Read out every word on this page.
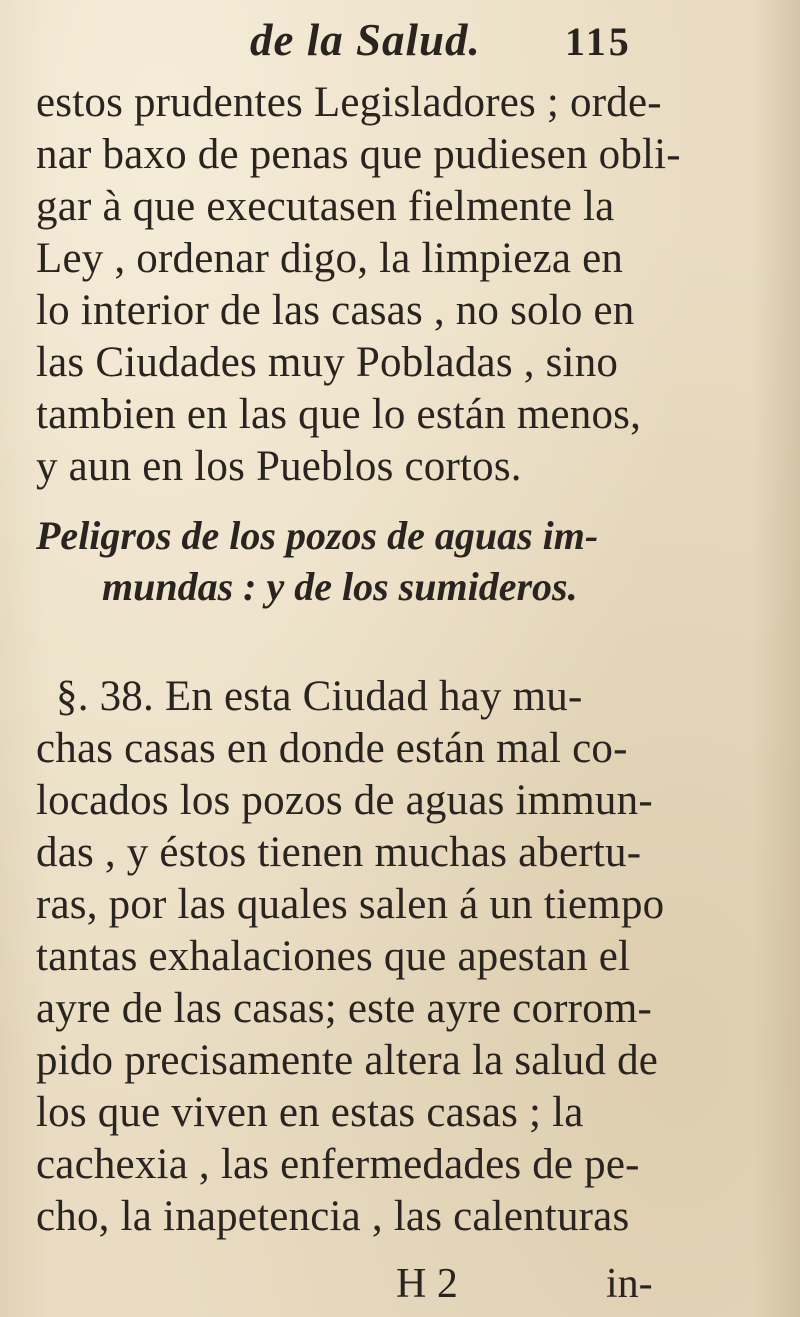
de la Salud. 115
estos prudentes Legisladores ; orde-
nar baxo de penas que pudiesen obli-
gar à que executasen fielmente la
Ley , ordenar digo, la limpieza en
lo interior de las casas , no solo en
las Ciudades muy Pobladas , sino
tambien en las que lo están menos,
y aun en los Pueblos cortos.
Peligros de los pozos de aguas im-
mundas : y de los sumideros.
§. 38. En esta Ciudad hay mu-
chas casas en donde están mal co-
locados los pozos de aguas immun-
das , y éstos tienen muchas abertu-
ras, por las quales salen á un tiempo
tantas exhalaciones que apestan el
ayre de las casas; este ayre corrom-
pido precisamente altera la salud de
los que viven en estas casas ; la
cachexia , las enfermedades de pe-
cho, la inapetencia , las calenturas
H 2	in-
